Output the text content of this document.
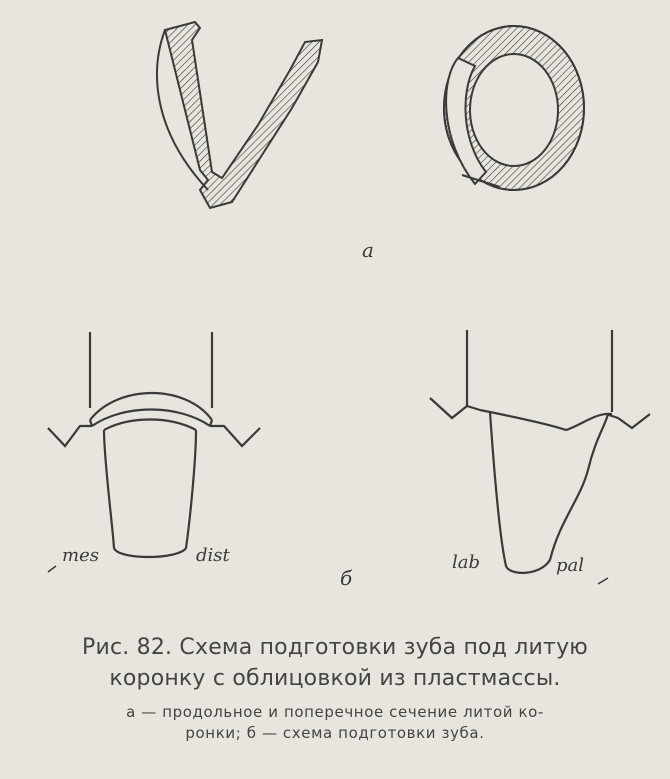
а
б
mes	dist	lab	pal
Рис. 82. Схема подготовки зуба под литую
коронку с облицовкой из пластмассы.
а — продольное и поперечное сечение литой ко-
ронки; б — схема подготовки зуба.
